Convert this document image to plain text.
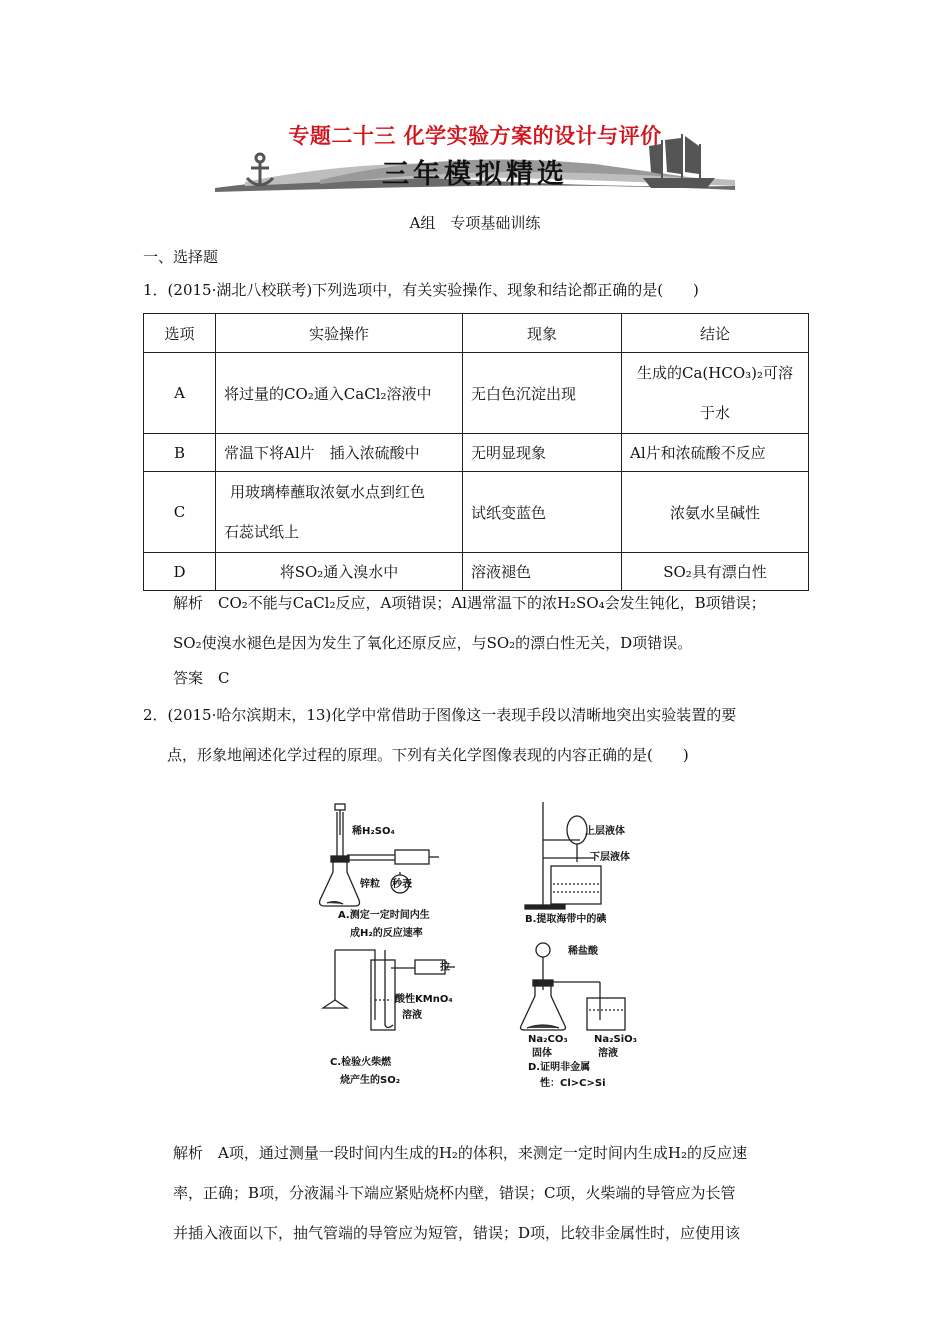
专题二十三 化学实验方案的设计与评价
三年模拟精选
A组　专项基础训练
一、选择题
1．(2015·湖北八校联考)下列选项中，有关实验操作、现象和结论都正确的是(　　)
选项	实验操作	现象	结论
A	将过量的CO₂通入CaCl₂溶液中	无白色沉淀出现	生成的Ca(HCO₃)₂可溶
于水

B	常温下将Al片　插入浓硫酸中	无明显现象	Al片和浓硫酸不反应
C	用玻璃棒蘸取浓氨水点到红色
石蕊试纸上	试纸变蓝色	浓氨水呈碱性
D	将SO₂通入溴水中	溶液褪色	SO₂具有漂白性
解析　CO₂不能与CaCl₂反应，A项错误；Al遇常温下的浓H₂SO₄会发生钝化，B项错误；
SO₂使溴水褪色是因为发生了氧化还原反应，与SO₂的漂白性无关，D项错误。
答案　C
2．(2015·哈尔滨期末，13)化学中常借助于图像这一表现手段以清晰地突出实验装置的要
点，形象地阐述化学过程的原理。下列有关化学图像表现的内容正确的是(　　)
稀H₂SO₄
锌粒 秒表
A.测定一定时间内生
成H₂的反应速率
上层液体
下层液体
B.提取海带中的碘
拉
酸性KMnO₄
溶液
C.检验火柴燃
烧产生的SO₂
稀盐酸
Na₂CO₃
固体
Na₂SiO₃
溶液
D.证明非金属
性：Cl>C>Si
解析　A项，通过测量一段时间内生成的H₂的体积，来测定一定时间内生成H₂的反应速
率，正确；B项，分液漏斗下端应紧贴烧杯内壁，错误；C项，火柴端的导管应为长管
并插入液面以下，抽气管端的导管应为短管，错误；D项，比较非金属性时，应使用该
